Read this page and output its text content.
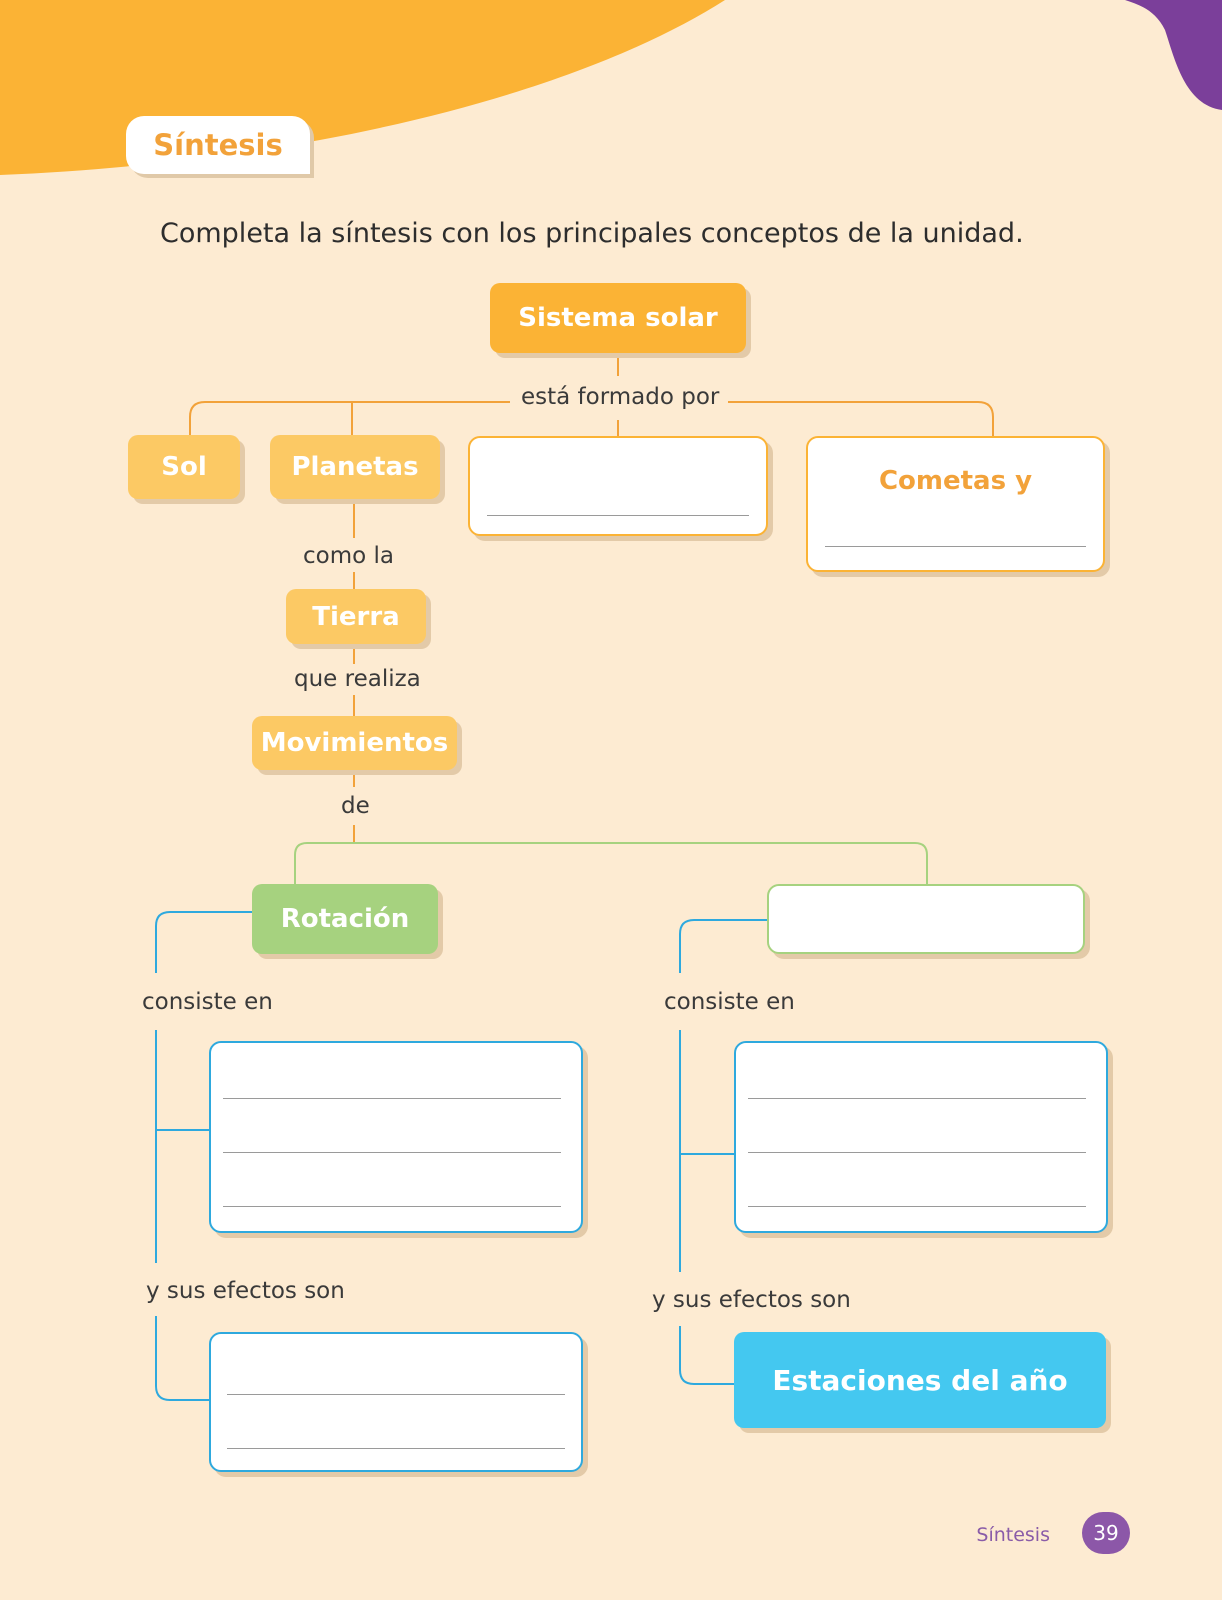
Síntesis
Completa la síntesis con los principales conceptos de la unidad.
Sistema solar
está formado por
Sol	Planetas	Cometas y
como la
Tierra
que realiza
Movimientos
de
Rotación
consiste en	consiste en
y sus efectos son	y sus efectos son
Estaciones del año
Síntesis 39
